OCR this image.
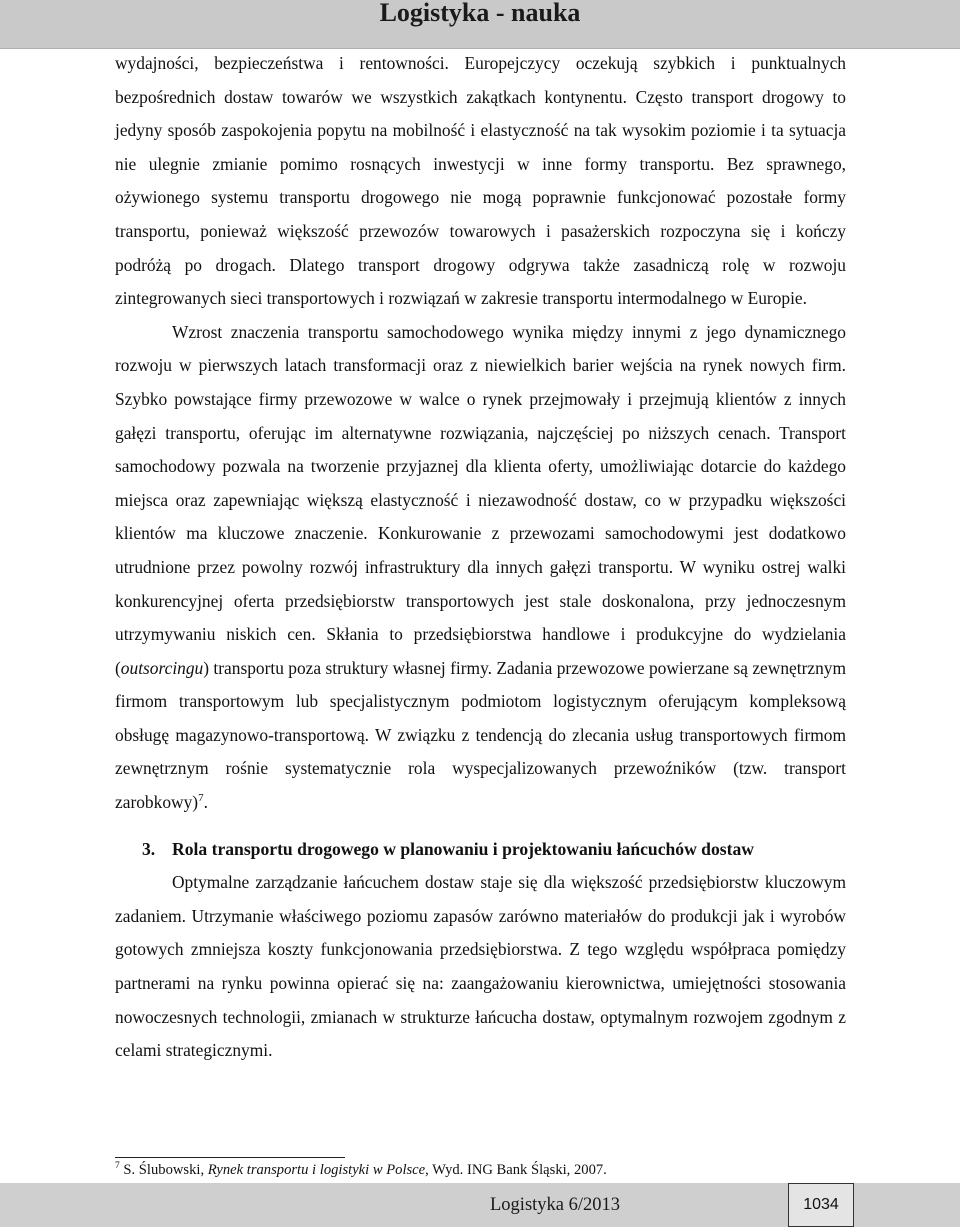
Logistyka - nauka

wydajności, bezpieczeństwa i rentowności. Europejczycy oczekują szybkich i punktualnych bezpośrednich dostaw towarów we wszystkich zakątkach kontynentu. Często transport drogowy to jedyny sposób zaspokojenia popytu na mobilność i elastyczność na tak wysokim poziomie i ta sytuacja nie ulegnie zmianie pomimo rosnących inwestycji w inne formy transportu. Bez sprawnego, ożywionego systemu transportu drogowego nie mogą poprawnie funkcjonować pozostałe formy transportu, ponieważ większość przewozów towarowych i pasażerskich rozpoczyna się i kończy podróżą po drogach. Dlatego transport drogowy odgrywa także zasadniczą rolę w rozwoju zintegrowanych sieci transportowych i rozwiązań w zakresie transportu intermodalnego w Europie.

Wzrost znaczenia transportu samochodowego wynika między innymi z jego dynamicznego rozwoju w pierwszych latach transformacji oraz z niewielkich barier wejścia na rynek nowych firm. Szybko powstające firmy przewozowe w walce o rynek przejmowały i przejmują klientów z innych gałęzi transportu, oferując im alternatywne rozwiązania, najczęściej po niższych cenach. Transport samochodowy pozwala na tworzenie przyjaznej dla klienta oferty, umożliwiając dotarcie do każdego miejsca oraz zapewniając większą elastyczność i niezawodność dostaw, co w przypadku większości klientów ma kluczowe znaczenie. Konkurowanie z przewozami samochodowymi jest dodatkowo utrudnione przez powolny rozwój infrastruktury dla innych gałęzi transportu. W wyniku ostrej walki konkurencyjnej oferta przedsiębiorstw transportowych jest stale doskonalona, przy jednoczesnym utrzymywaniu niskich cen. Skłania to przedsiębiorstwa handlowe i produkcyjne do wydzielania (outsorcingu) transportu poza struktury własnej firmy. Zadania przewozowe powierzane są zewnętrznym firmom transportowym lub specjalistycznym podmiotom logistycznym oferującym kompleksową obsługę magazynowo-transportową. W związku z tendencją do zlecania usług transportowych firmom zewnętrznym rośnie systematycznie rola wyspecjalizowanych przewoźników (tzw. transport zarobkowy)$^7$.

3. Rola transportu drogowego w planowaniu i projektowaniu łańcuchów dostaw

Optymalne zarządzanie łańcuchem dostaw staje się dla większość przedsiębiorstw kluczowym zadaniem. Utrzymanie właściwego poziomu zapasów zarówno materiałów do produkcji jak i wyrobów gotowych zmniejsza koszty funkcjonowania przedsiębiorstwa. Z tego względu współpraca pomiędzy partnerami na rynku powinna opierać się na: zaangażowaniu kierownictwa, umiejętności stosowania nowoczesnych technologii, zmianach w strukturze łańcucha dostaw, optymalnym rozwojem zgodnym z celami strategicznymi.

$^7$ S. Ślubowski, Rynek transportu i logistyki w Polsce, Wyd. ING Bank Śląski, 2007.
Logistyka 6/2013	1034
